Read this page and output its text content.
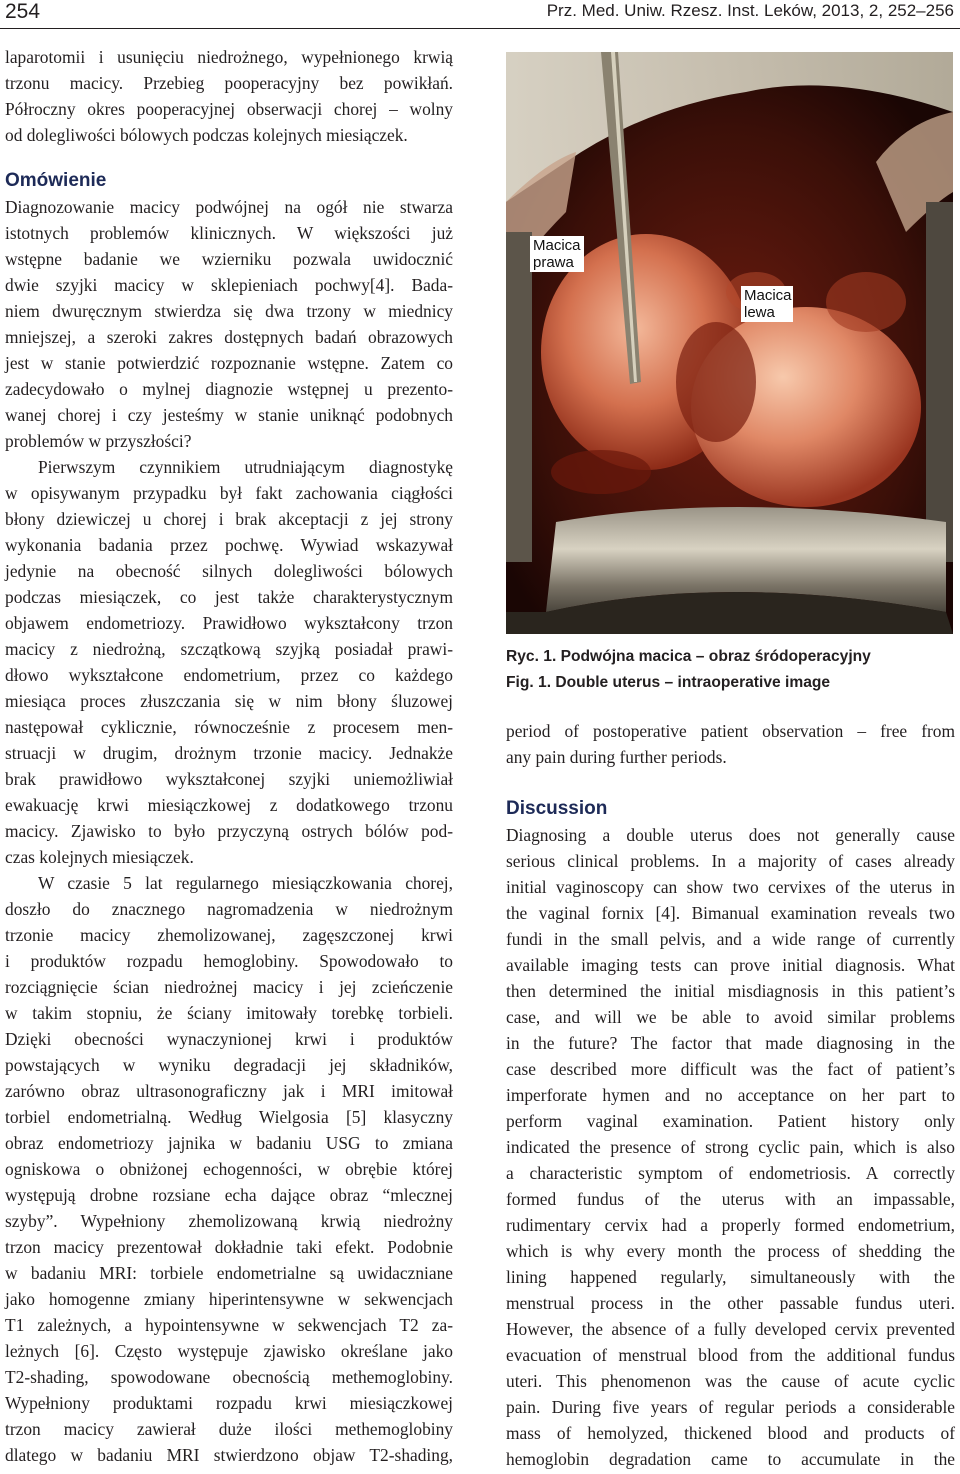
254	Prz. Med. Uniw. Rzesz. Inst. Leków, 2013, 2, 252–256
laparotomii i usunięciu niedrożnego, wypełnionego krwią
trzonu macicy. Przebieg pooperacyjny bez powikłań.
Półroczny okres pooperacyjnej obserwacji chorej – wolny
od dolegliwości bólowych podczas kolejnych miesiączek.
Omówienie
Diagnozowanie macicy podwójnej na ogół nie stwarza
istotnych problemów klinicznych. W większości już
wstępne badanie we wzierniku pozwala uwidocznić
dwie szyjki macicy w sklepieniach pochwy[4]. Bada-
niem dwuręcznym stwierdza się dwa trzony w miednicy
mniejszej, a szeroki zakres dostępnych badań obrazowych
jest w stanie potwierdzić rozpoznanie wstępne. Zatem co
zadecydowało o mylnej diagnozie wstępnej u prezento-
wanej chorej i czy jesteśmy w stanie uniknąć podobnych
problemów w przyszłości?
Pierwszym czynnikiem utrudniającym diagnostykę
w opisywanym przypadku był fakt zachowania ciągłości
błony dziewiczej u chorej i brak akceptacji z jej strony
wykonania badania przez pochwę. Wywiad wskazywał
jedynie na obecność silnych dolegliwości bólowych
podczas miesiączek, co jest także charakterystycznym
objawem endometriozy. Prawidłowo wykształcony trzon
macicy z niedrożną, szczątkową szyjką posiadał prawi-
dłowo wykształcone endometrium, przez co każdego
miesiąca proces złuszczania się w nim błony śluzowej
następował cyklicznie, równocześnie z procesem men-
struacji w drugim, drożnym trzonie macicy. Jednakże
brak prawidłowo wykształconej szyjki uniemożliwiał
ewakuację krwi miesiączkowej z dodatkowego trzonu
macicy. Zjawisko to było przyczyną ostrych bólów pod-
czas kolejnych miesiączek.
W czasie 5 lat regularnego miesiączkowania chorej,
doszło do znacznego nagromadzenia w niedrożnym
trzonie macicy zhemolizowanej, zagęszczonej krwi
i produktów rozpadu hemoglobiny. Spowodowało to
rozciągnięcie ścian niedrożnej macicy i jej zcieńczenie
w takim stopniu, że ściany imitowały torebkę torbieli.
Dzięki obecności wynaczynionej krwi i produktów
powstających w wyniku degradacji jej składników,
zarówno obraz ultrasonograficzny jak i MRI imitował
torbiel endometrialną. Według Wielgosia [5] klasyczny
obraz endometriozy jajnika w badaniu USG to zmiana
ogniskowa o obniżonej echogenności, w obrębie której
występują drobne rozsiane echa dające obraz “mlecznej
szyby”. Wypełniony zhemolizowaną krwią niedrożny
trzon macicy prezentował dokładnie taki efekt. Podobnie
w badaniu MRI: torbiele endometrialne są uwidaczniane
jako homogenne zmiany hiperintensywne w sekwencjach
T1 zależnych, a hypointensywne w sekwencjach T2 za-
leżnych [6]. Często występuje zjawisko określane jako
T2-shading, spowodowane obecnością methemoglobiny.
Wypełniony produktami rozpadu krwi miesiączkowej
trzon macicy zawierał duże ilości methemoglobiny
dlatego w badaniu MRI stwierdzono objaw T2-shading,
Macica prawa
Macica lewa
Ryc. 1. Podwójna macica – obraz śródoperacyjny
Fig. 1. Double uterus – intraoperative image
period of postoperative patient observation – free from
any pain during further periods.
Discussion
Diagnosing a double uterus does not generally cause
serious clinical problems. In a majority of cases already
initial vaginoscopy can show two cervixes of the uterus in
the vaginal fornix [4]. Bimanual examination reveals two
fundi in the small pelvis, and a wide range of currently
available imaging tests can prove initial diagnosis. What
then determined the initial misdiagnosis in this patient’s
case, and will we be able to avoid similar problems
in the future? The factor that made diagnosing in the
case described more difficult was the fact of patient’s
imperforate hymen and no acceptance on her part to
perform vaginal examination. Patient history only
indicated the presence of strong cyclic pain, which is also
a characteristic symptom of endometriosis. A correctly
formed fundus of the uterus with an impassable,
rudimentary cervix had a properly formed endometrium,
which is why every month the process of shedding the
lining happened regularly, simultaneously with the
menstrual process in the other passable fundus uteri.
However, the absence of a fully developed cervix prevented
evacuation of menstrual blood from the additional fundus
uteri. This phenomenon was the cause of acute cyclic
pain. During five years of regular periods a considerable
mass of hemolyzed, thickened blood and products of
hemoglobin degradation came to accumulate in the
